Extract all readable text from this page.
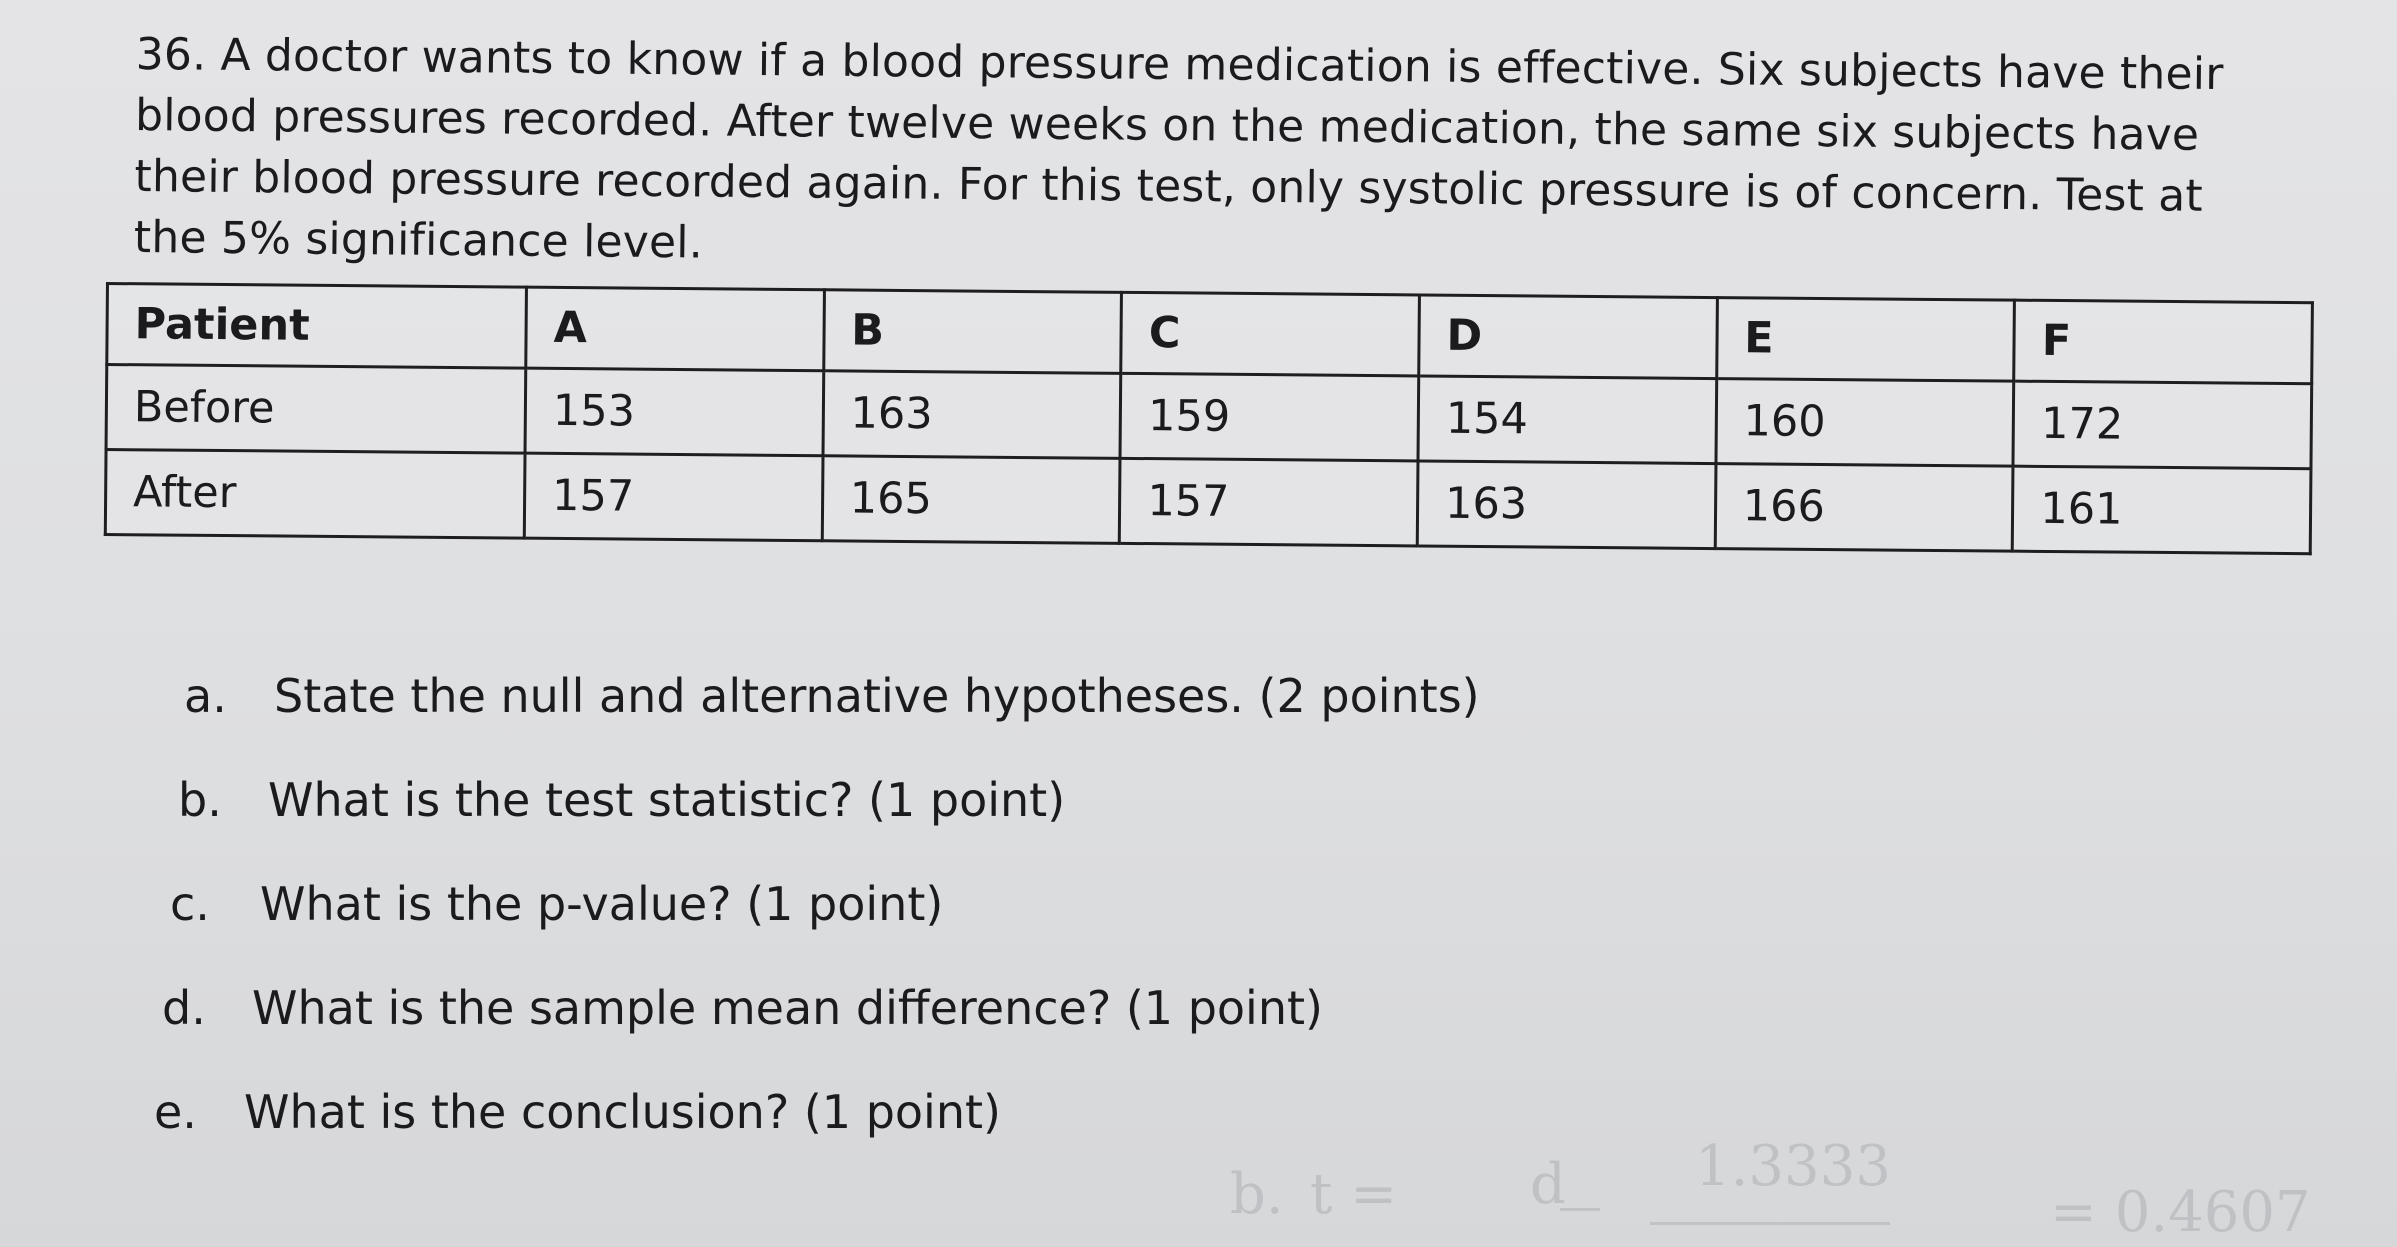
36. A doctor wants to know if a blood pressure medication is effective. Six subjects have their blood pressures recorded. After twelve weeks on the medication, the same six subjects have their blood pressure recorded again. For this test, only systolic pressure is of concern. Test at the 5% significance level.

Patient	A	B	C	D	E	F
Before	153	163	159	154	160	172
After	157	165	157	163	166	161
a. State the null and alternative hypotheses. (2 points)
b. What is the test statistic? (1 point)
c. What is the p-value? (1 point)
d. What is the sample mean difference? (1 point)
e. What is the conclusion? (1 point)
b. t = d 1.3333
= 0.4607
